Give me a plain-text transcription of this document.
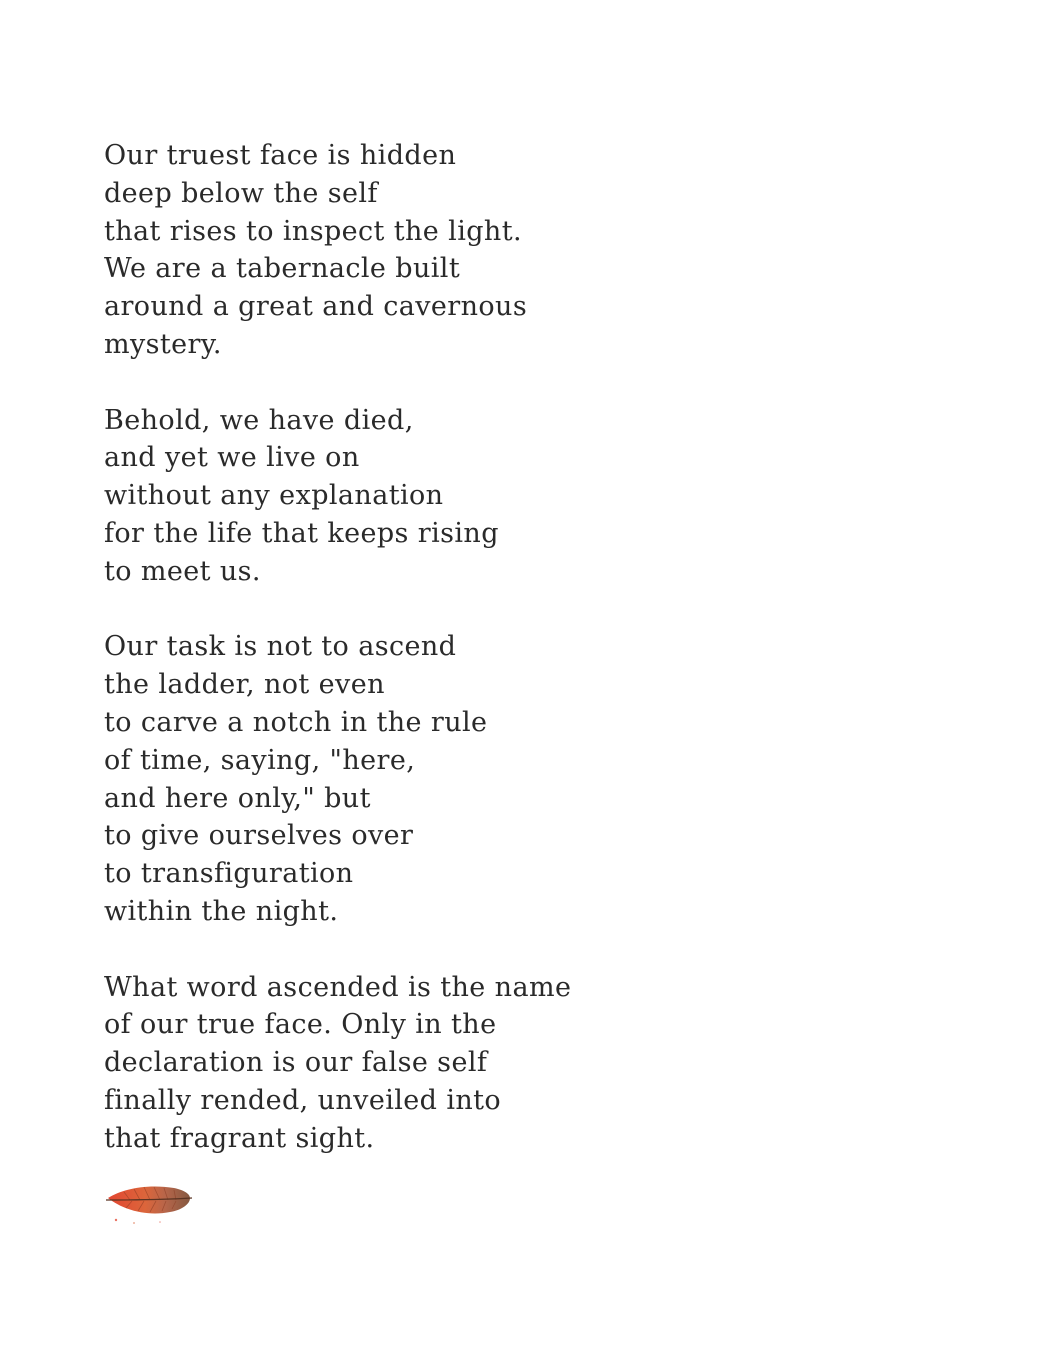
Our truest face is hidden
deep below the self
that rises to inspect the light.
We are a tabernacle built
around a great and cavernous
mystery.

Behold, we have died,
and yet we live on
without any explanation
for the life that keeps rising
to meet us.

Our task is not to ascend
the ladder, not even
to carve a notch in the rule
of time, saying, "here,
and here only," but
to give ourselves over
to transfiguration
within the night.

What word ascended is the name
of our true face. Only in the
declaration is our false self
finally rended, unveiled into
that fragrant sight.
